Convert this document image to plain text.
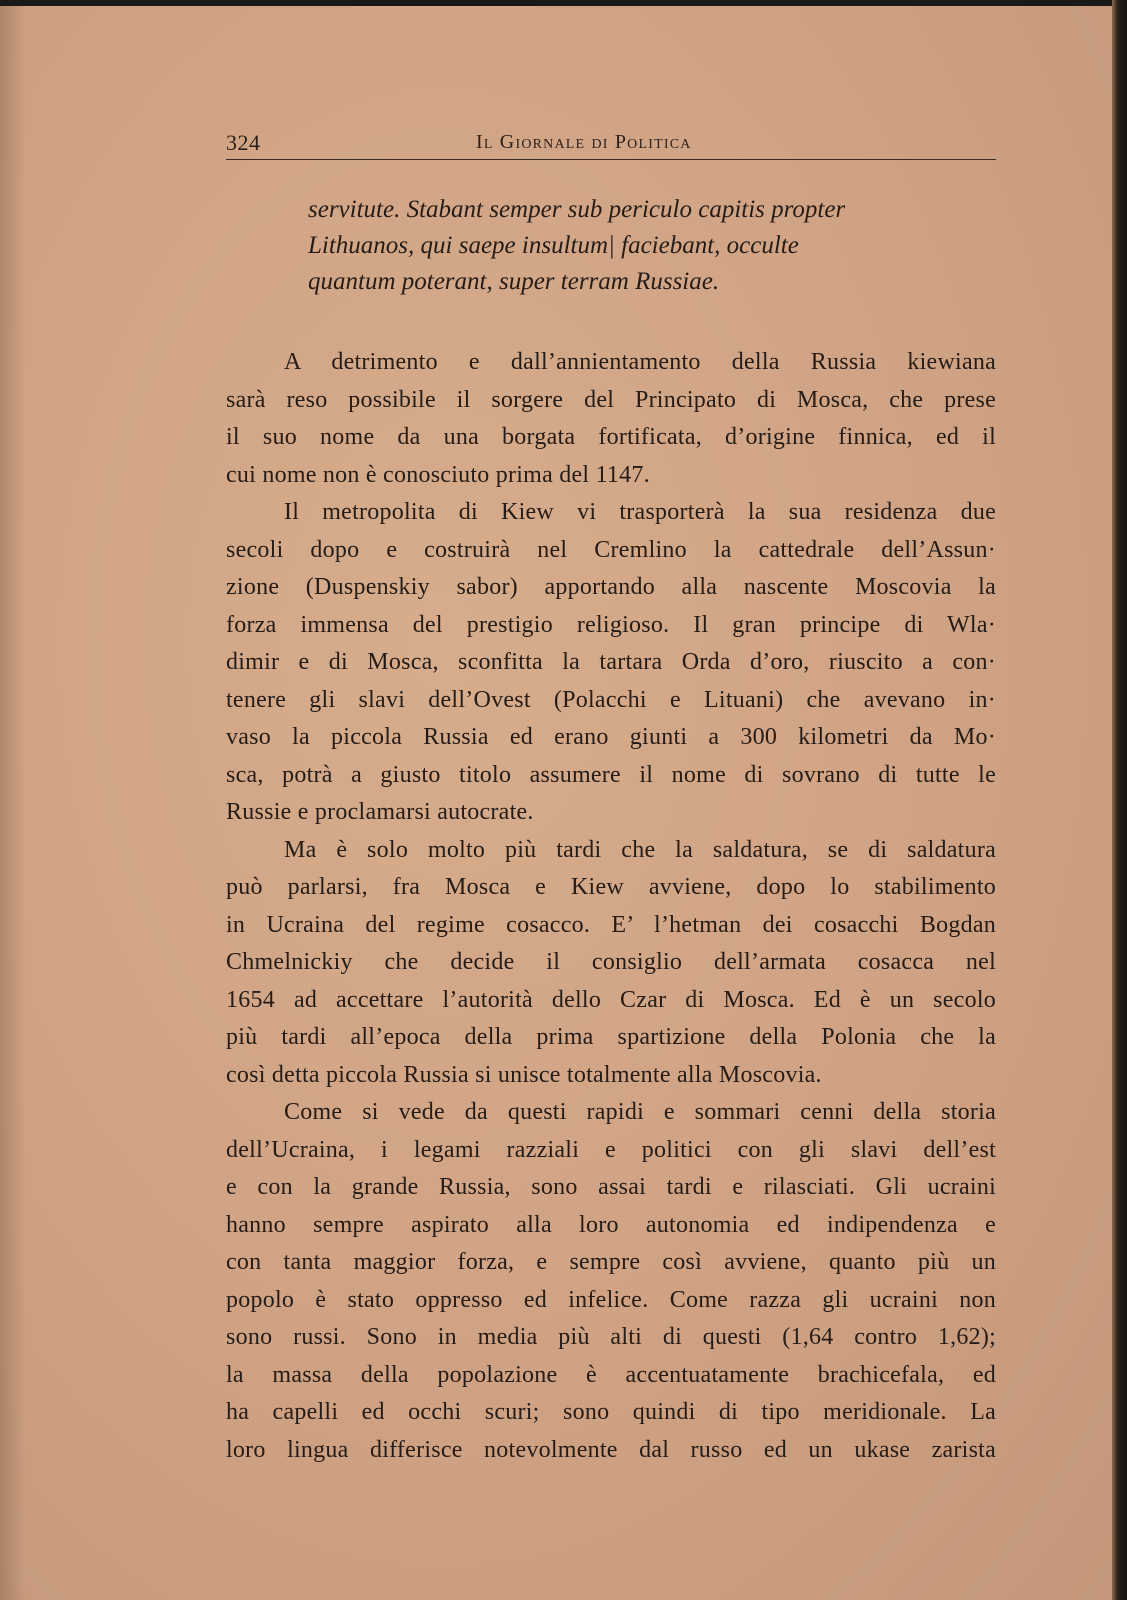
324	Il Giornale di Politica
servitute. Stabant semper sub periculo capitis propter
Lithuanos, qui saepe insultum| faciebant, occulte
quantum poterant, super terram Russiae.
A detrimento e dall’annientamento della Russia kiewiana
sarà reso possibile il sorgere del Principato di Mosca, che prese
il suo nome da una borgata fortificata, d’origine finnica, ed il
cui nome non è conosciuto prima del 1147.
Il metropolita di Kiew vi trasporterà la sua residenza due
secoli dopo e costruirà nel Cremlino la cattedrale dell’Assun·
zione (Duspenskiy sabor) apportando alla nascente Moscovia la
forza immensa del prestigio religioso. Il gran principe di Wla·
dimir e di Mosca, sconfitta la tartara Orda d’oro, riuscito a con·
tenere gli slavi dell’Ovest (Polacchi e Lituani) che avevano in·
vaso la piccola Russia ed erano giunti a 300 kilometri da Mo·
sca, potrà a giusto titolo assumere il nome di sovrano di tutte le
Russie e proclamarsi autocrate.
Ma è solo molto più tardi che la saldatura, se di saldatura
può parlarsi, fra Mosca e Kiew avviene, dopo lo stabilimento
in Ucraina del regime cosacco. E’ l’hetman dei cosacchi Bogdan
Chmelnickiy che decide il consiglio dell’armata cosacca nel
1654 ad accettare l’autorità dello Czar di Mosca. Ed è un secolo
più tardi all’epoca della prima spartizione della Polonia che la
così detta piccola Russia si unisce totalmente alla Moscovia.
Come si vede da questi rapidi e sommari cenni della storia
dell’Ucraina, i legami razziali e politici con gli slavi dell’est
e con la grande Russia, sono assai tardi e rilasciati. Gli ucraini
hanno sempre aspirato alla loro autonomia ed indipendenza e
con tanta maggior forza, e sempre così avviene, quanto più un
popolo è stato oppresso ed infelice. Come razza gli ucraini non
sono russi. Sono in media più alti di questi (1,64 contro 1,62);
la massa della popolazione è accentuatamente brachicefala, ed
ha capelli ed occhi scuri; sono quindi di tipo meridionale. La
loro lingua differisce notevolmente dal russo ed un ukase zarista
